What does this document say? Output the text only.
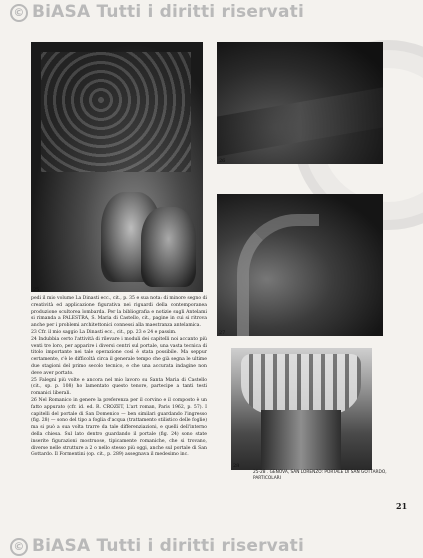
© BiASA Tutti i diritti riservati
25
26
27
28

pedi il mio volume La Dinasti ecc., cit., p. 35 e sua nota: di minore segno di creatività ed applicazione figurativa nei riguardi della contemporanea produzione scultorea lombarda. Per la bibliografia e notizie sugli Antelami si rimanda a PALESTRA, S. Maria di Castello, cit., pagine in cui si ritrova anche per i problemi architettonici connessi alla maestranza antelamica.

23 Cfr. il mio saggio La Dinasti ecc., cit., pp. 23 e 24 e passim.

24 Indubbia certo l'attività di rilevare i moduli dei capitelli noi accanto più venti tre loro, per apparire i diversi centri sul portale, una vasta tecnica di titolo importante nei tale operazione così è stata possibile. Ma seppur certamente, c'è le difficoltà circa il generale tempo che già segna le ultime due stagioni del primo secolo tecnico, e che una accurata indagine non deve aver portato.

25 Falegni più volte e ancora nel mio lavoro su Santa Maria di Castello (cit., sp. p. 108) ho lamentato questo tenore, partecipe a tanti testi romanici liberali.

26 Nel Romanico in genere la preferenza per il corvino e il composto è un fatto appurato (cfr. id. ed. R. CROZET, L'art roman, Paris 1962, p. 57). I capitelli del portale di San Domenico — ben similari guardando l'ingresso (fig. 28) — sono del tipo a foglia d'acqua (trattamento stilistico delle foglie) ma si può a sua volta trarre da tale differenziazioni, e quelli dell'interno della chiesa. Sul lato dentro guardando il portale (fig. 24) sono state inserite figurazioni mostruose, tipicamente romaniche, che si trovano, diverse nelle strutture a 2 o nello stesso più oggi, anche sul portale di San Gottardo. Il Formentini (op. cit., p. 289) assegnava il medesimo inc.

25-28 . GENOVA, SAN LORENZO: PORTALE DI SAN GOTTARDO, PARTICOLARI
21
© BiASA Tutti i diritti riservati
